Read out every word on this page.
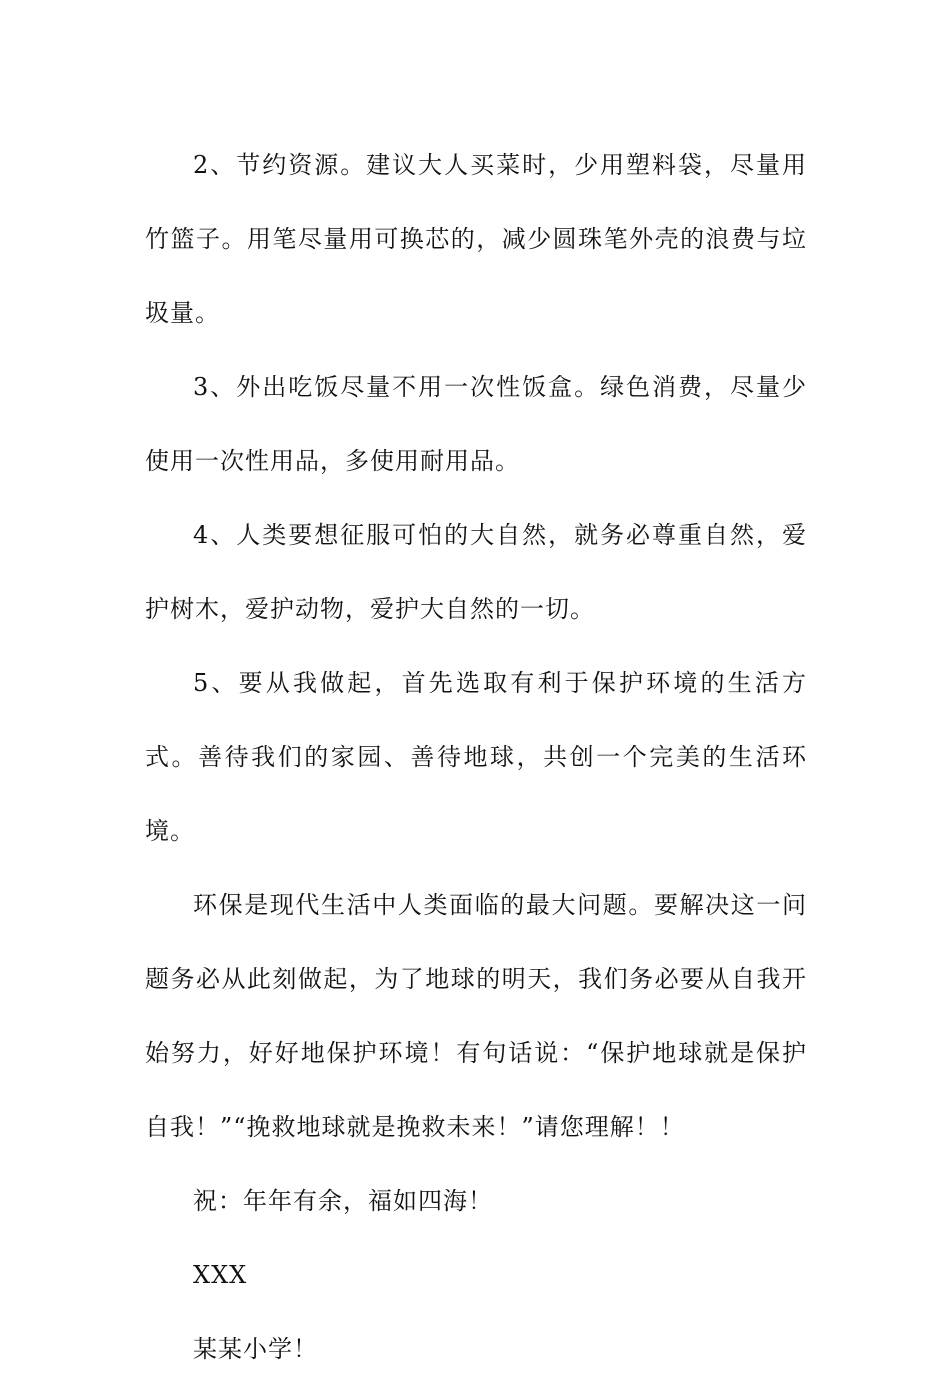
2、节约资源。建议大人买菜时，少用塑料袋，尽量用竹篮子。用笔尽量用可换芯的，减少圆珠笔外壳的浪费与垃圾量。

3、外出吃饭尽量不用一次性饭盒。绿色消费，尽量少使用一次性用品，多使用耐用品。

4、人类要想征服可怕的大自然，就务必尊重自然，爱护树木，爱护动物，爱护大自然的一切。

5、要从我做起，首先选取有利于保护环境的生活方式。善待我们的家园、善待地球，共创一个完美的生活环境。

环保是现代生活中人类面临的最大问题。要解决这一问题务必从此刻做起，为了地球的明天，我们务必要从自我开始努力，好好地保护环境！有句话说：“保护地球就是保护自我！”“挽救地球就是挽救未来！”请您理解！！

祝：年年有余，福如四海！

XXX

某某小学！
